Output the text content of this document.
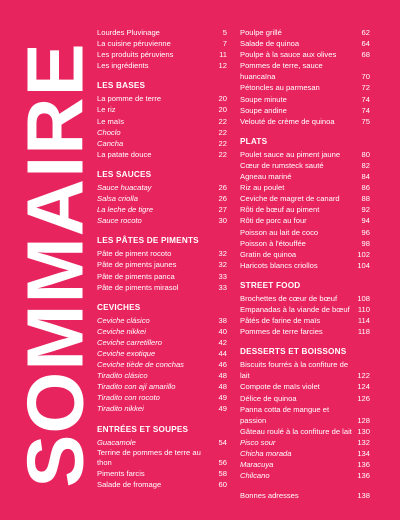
SOMMAIRE
Lourdes Pluvinage	5
La cuisine péruvienne	7
Les produits péruviens	11
Les ingrédients	12
LES BASES
La pomme de terre	20
Le riz	20
Le maïs	22
Choclo	22
Cancha	22
La patate douce	22
LES SAUCES
Sauce huacatay	26
Salsa criolla	26
La leche de tigre	27
Sauce rocoto	30
LES PÂTES DE PIMENTS
Pâte de piment rocoto	32
Pâte de piments jaunes	32
Pâte de piments panca	33
Pâte de piments mirasol	33
CEVICHES
Ceviche clásico	38
Ceviche nikkei	40
Ceviche carretillero	42
Ceviche exotique	44
Ceviche tiède de conchas	46
Tiradito clásico	48
Tiradito con ají amarillo	48
Tiradito con rocoto	49
Tiradito nikkei	49
ENTRÉES ET SOUPES
Guacamole	54
Terrine de pommes de terre au thon	56
Piments farcis	58
Salade de fromage	60
Poulpe grillé	62
Salade de quinoa	64
Poulpe à la sauce aux olives	68
Pommes de terre, sauce huancaïna	70
Pétoncles au parmesan	72
Soupe minute	74
Soupe andine	74
Velouté de crème de quinoa	75
PLATS
Poulet sauce au piment jaune	80
Cœur de rumsteck sauté	82
Agneau mariné	84
Riz au poulet	86
Ceviche de magret de canard	88
Rôti de bœuf au piment	92
Rôti de porc au four	94
Poisson au lait de coco	96
Poisson à l'étouffée	98
Gratin de quinoa	102
Haricots blancs criollos	104
STREET FOOD
Brochettes de cœur de bœuf	108
Empanadas à la viande de bœuf	110
Pâtés de farine de maïs	114
Pommes de terre farcies	118
DESSERTS ET BOISSONS
Biscuits fourrés à la confiture de lait	122
Compote de maïs violet	124
Délice de quinoa	126
Panna cotta de mangue et passion	128
Gâteau roulé à la confiture de lait 130
Pisco sour	132
Chicha morada	134
Maracuya	136
Chilcano	136
Bonnes adresses	138
